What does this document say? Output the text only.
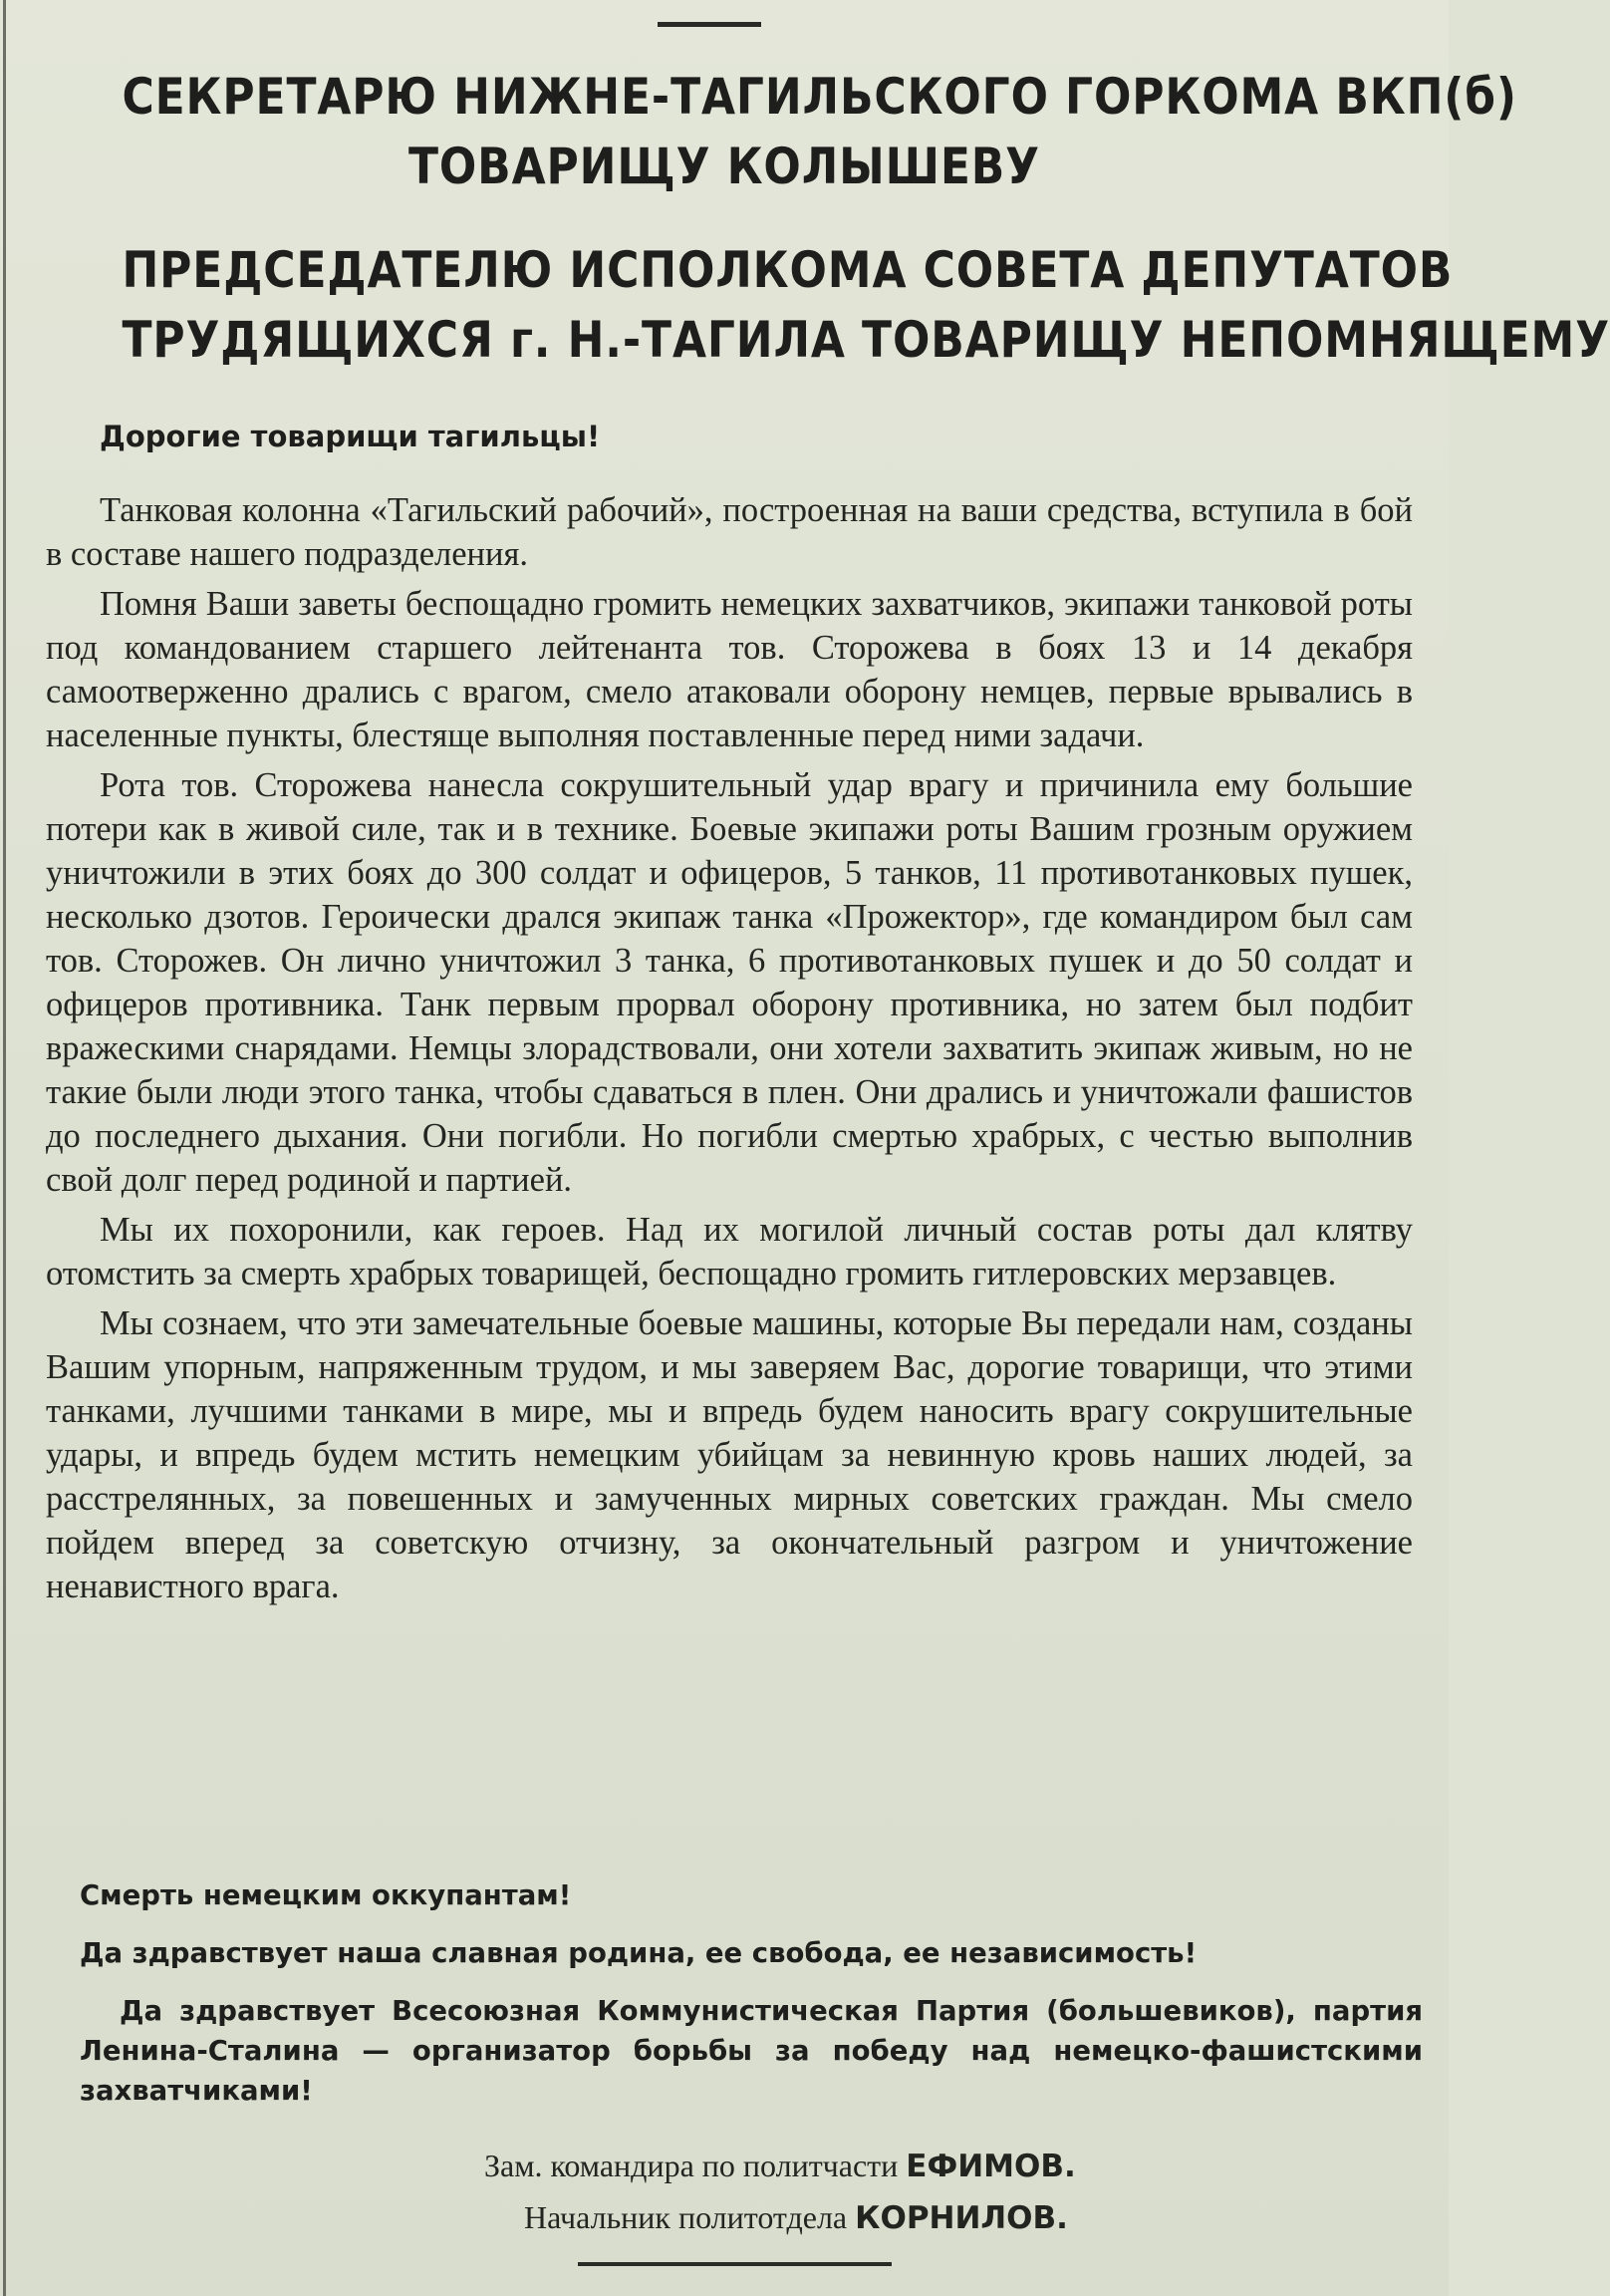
СЕКРЕТАРЮ НИЖНЕ-ТАГИЛЬСКОГО ГОРКОМА ВКП(б)
ТОВАРИЩУ КОЛЫШЕВУ
ПРЕДСЕДАТЕЛЮ ИСПОЛКОМА СОВЕТА ДЕПУТАТОВ
ТРУДЯЩИХСЯ г. Н.-ТАГИЛА ТОВАРИЩУ НЕПОМНЯЩЕМУ

Дорогие товарищи тагильцы!

Танковая колонна «Тагильский рабочий», построенная на ваши средства, вступила в бой в составе нашего подразделения.

Помня Ваши заветы беспощадно громить немецких захватчиков, экипажи танковой роты под командованием старшего лейтенанта тов. Сторожева в боях 13 и 14 декабря самоотверженно дрались с врагом, смело атаковали оборону немцев, первые врывались в населенные пункты, блестяще выполняя поставленные перед ними задачи.

Рота тов. Сторожева нанесла сокрушительный удар врагу и причинила ему большие потери как в живой силе, так и в технике. Боевые экипажи роты Вашим грозным оружием уничтожили в этих боях до 300 солдат и офицеров, 5 танков, 11 противотанковых пушек, несколько дзотов. Героически дрался экипаж танка «Прожектор», где командиром был сам тов. Сторожев. Он лично уничтожил 3 танка, 6 противотанковых пушек и до 50 солдат и офицеров противника. Танк первым прорвал оборону противника, но затем был подбит вражескими снарядами. Немцы злорадствовали, они хотели захватить экипаж живым, но не такие были люди этого танка, чтобы сдаваться в плен. Они дрались и уничтожали фашистов до последнего дыхания. Они погибли. Но погибли смертью храбрых, с честью выполнив свой долг перед родиной и партией.

Мы их похоронили, как героев. Над их могилой личный состав роты дал клятву отомстить за смерть храбрых товарищей, беспощадно громить гитлеровских мерзавцев.

Мы сознаем, что эти замечательные боевые машины, которые Вы передали нам, созданы Вашим упорным, напряженным трудом, и мы заверяем Вас, дорогие товарищи, что этими танками, лучшими танками в мире, мы и впредь будем наносить врагу сокрушительные удары, и впредь будем мстить немецким убийцам за невинную кровь наших людей, за расстрелянных, за повешенных и замученных мирных советских граждан. Мы смело пойдем вперед за советскую отчизну, за окончательный разгром и уничтожение ненавистного врага.

Смерть немецким оккупантам!

Да здравствует наша славная родина, ее свобода, ее независимость!

Да здравствует Всесоюзная Коммунистическая Партия (большевиков), партия Ленина-Сталина — организатор борьбы за победу над немецко-фашистскими захватчиками!

Зам. командира по политчасти ЕФИМОВ.
Начальник политотдела КОРНИЛОВ.
